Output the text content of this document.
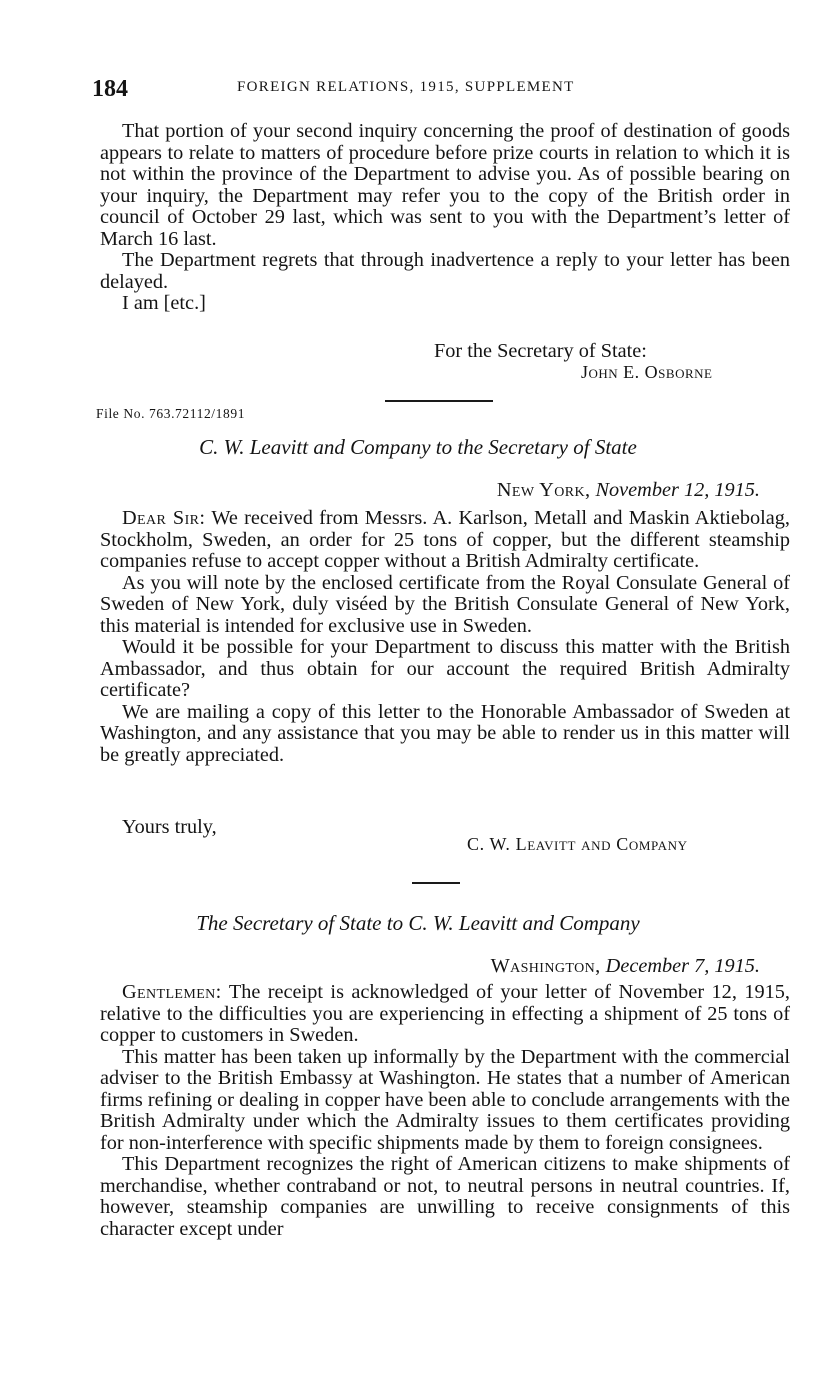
184	FOREIGN RELATIONS, 1915, SUPPLEMENT

That portion of your second inquiry concerning the proof of destination of goods appears to relate to matters of procedure before prize courts in relation to which it is not within the province of the Department to advise you. As of possible bearing on your inquiry, the Department may refer you to the copy of the British order in council of October 29 last, which was sent to you with the Department’s letter of March 16 last.

The Department regrets that through inadvertence a reply to your letter has been delayed.

I am [etc.]

For the Secretary of State:
John E. Osborne
File No. 763.72112/1891
C. W. Leavitt and Company to the Secretary of State
New York, November 12, 1915.

Dear Sir: We received from Messrs. A. Karlson, Metall and Maskin Aktiebolag, Stockholm, Sweden, an order for 25 tons of copper, but the different steamship companies refuse to accept copper without a British Admiralty certificate.

As you will note by the enclosed certificate from the Royal Consulate General of Sweden of New York, duly viséed by the British Consulate General of New York, this material is intended for exclusive use in Sweden.

Would it be possible for your Department to discuss this matter with the British Ambassador, and thus obtain for our account the required British Admiralty certificate?

We are mailing a copy of this letter to the Honorable Ambassador of Sweden at Washington, and any assistance that you may be able to render us in this matter will be greatly appreciated.

Yours truly,
C. W. Leavitt and Company
The Secretary of State to C. W. Leavitt and Company
Washington, December 7, 1915.

Gentlemen: The receipt is acknowledged of your letter of November 12, 1915, relative to the difficulties you are experiencing in effecting a shipment of 25 tons of copper to customers in Sweden.

This matter has been taken up informally by the Department with the commercial adviser to the British Embassy at Washington. He states that a number of American firms refining or dealing in copper have been able to conclude arrangements with the British Admiralty under which the Admiralty issues to them certificates providing for non-interference with specific shipments made by them to foreign consignees.

This Department recognizes the right of American citizens to make shipments of merchandise, whether contraband or not, to neutral persons in neutral countries. If, however, steamship companies are unwilling to receive consignments of this character except under
